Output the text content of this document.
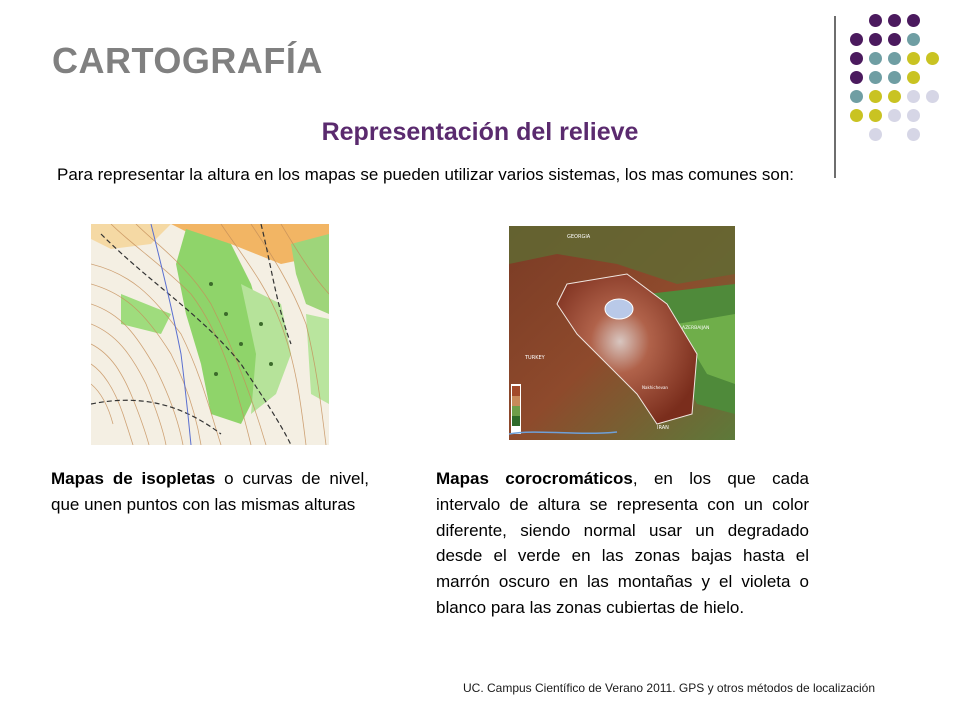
CARTOGRAFÍA
Representación del relieve
Para representar la altura en los mapas se pueden utilizar varios sistemas, los mas comunes son:
GEORGIA
AZERBAIJAN
TURKEY
IRAN
Nakhichevan
Mapas de isopletas o curvas de nivel, que unen puntos con las mismas alturas
Mapas corocromáticos, en los que cada intervalo de altura se representa con un color diferente, siendo normal usar un degradado desde el verde en las zonas bajas hasta el marrón oscuro en las montañas y el violeta o blanco para las zonas cubiertas de hielo.
UC. Campus Científico de Verano 2011. GPS y otros métodos de localización
